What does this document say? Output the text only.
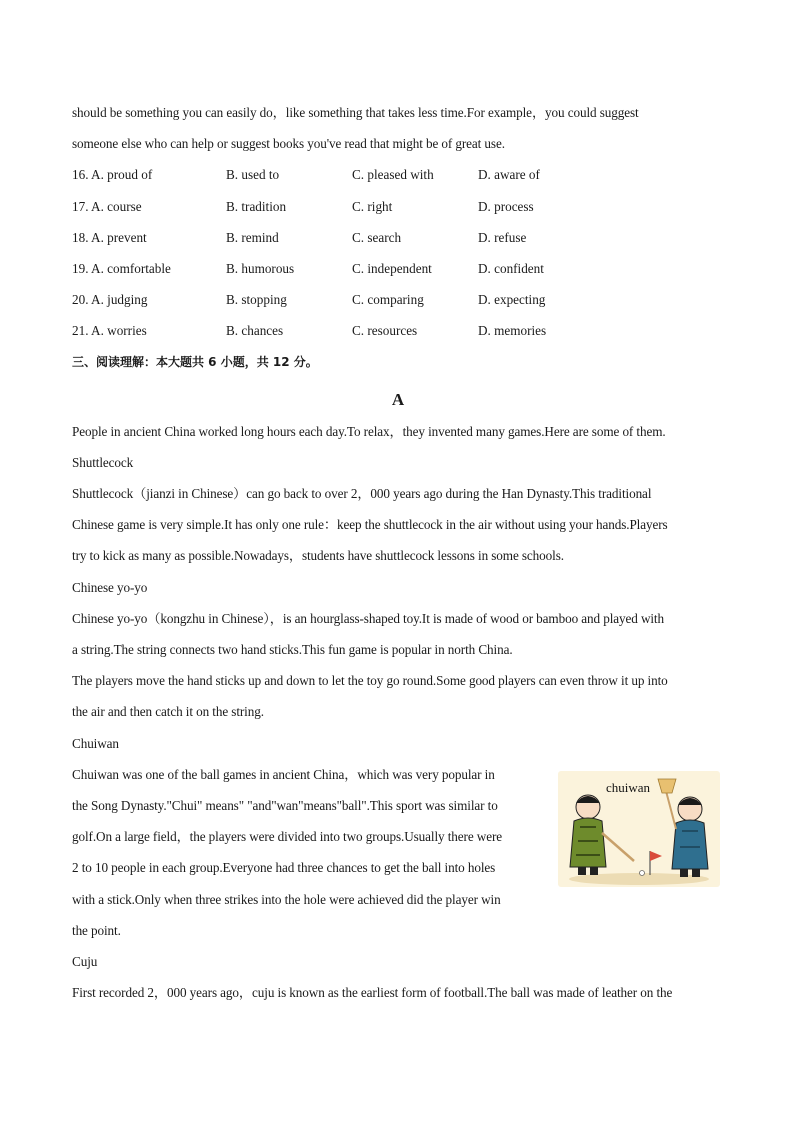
should be something you can easily do，like something that takes less time.For example，you could suggest
someone else who can help or suggest books you've read that might be of great use.
16. A. proud of	B. used to	C. pleased with	D. aware of
17. A. course	B. tradition	C. right	D. process
18. A. prevent	B. remind	C. search	D. refuse
19. A. comfortable	B. humorous	C. independent	D. confident
20. A. judging	B. stopping	C. comparing	D. expecting
21. A. worries	B. chances	C. resources	D. memories
三、阅读理解：本大题共 6 小题，共 12 分。
A
People in ancient China worked long hours each day.To relax，they invented many games.Here are some of them.
Shuttlecock
Shuttlecock（jianzi in Chinese）can go back to over 2，000 years ago during the Han Dynasty.This traditional
Chinese game is very simple.It has only one rule：keep the shuttlecock in the air without using your hands.Players
try to kick as many as possible.Nowadays，students have shuttlecock lessons in some schools.
Chinese yo-yo
Chinese yo-yo（kongzhu in Chinese），is an hourglass-shaped toy.It is made of wood or bamboo and played with
a string.The string connects two hand sticks.This fun game is popular in north China.
The players move the hand sticks up and down to let the toy go round.Some good players can even throw it up into
the air and then catch it on the string.
Chuiwan
Chuiwan was one of the ball games in ancient China，which was very popular in
the Song Dynasty."Chui" means" "and"wan"means"ball".This sport was similar to
golf.On a large field，the players were divided into two groups.Usually there were
2 to 10 people in each group.Everyone had three chances to get the ball into holes
with a stick.Only when three strikes into the hole were achieved did the player win
the point.
Cuju
First recorded 2，000 years ago，cuju is known as the earliest form of football.The ball was made of leather on the
chuiwan
